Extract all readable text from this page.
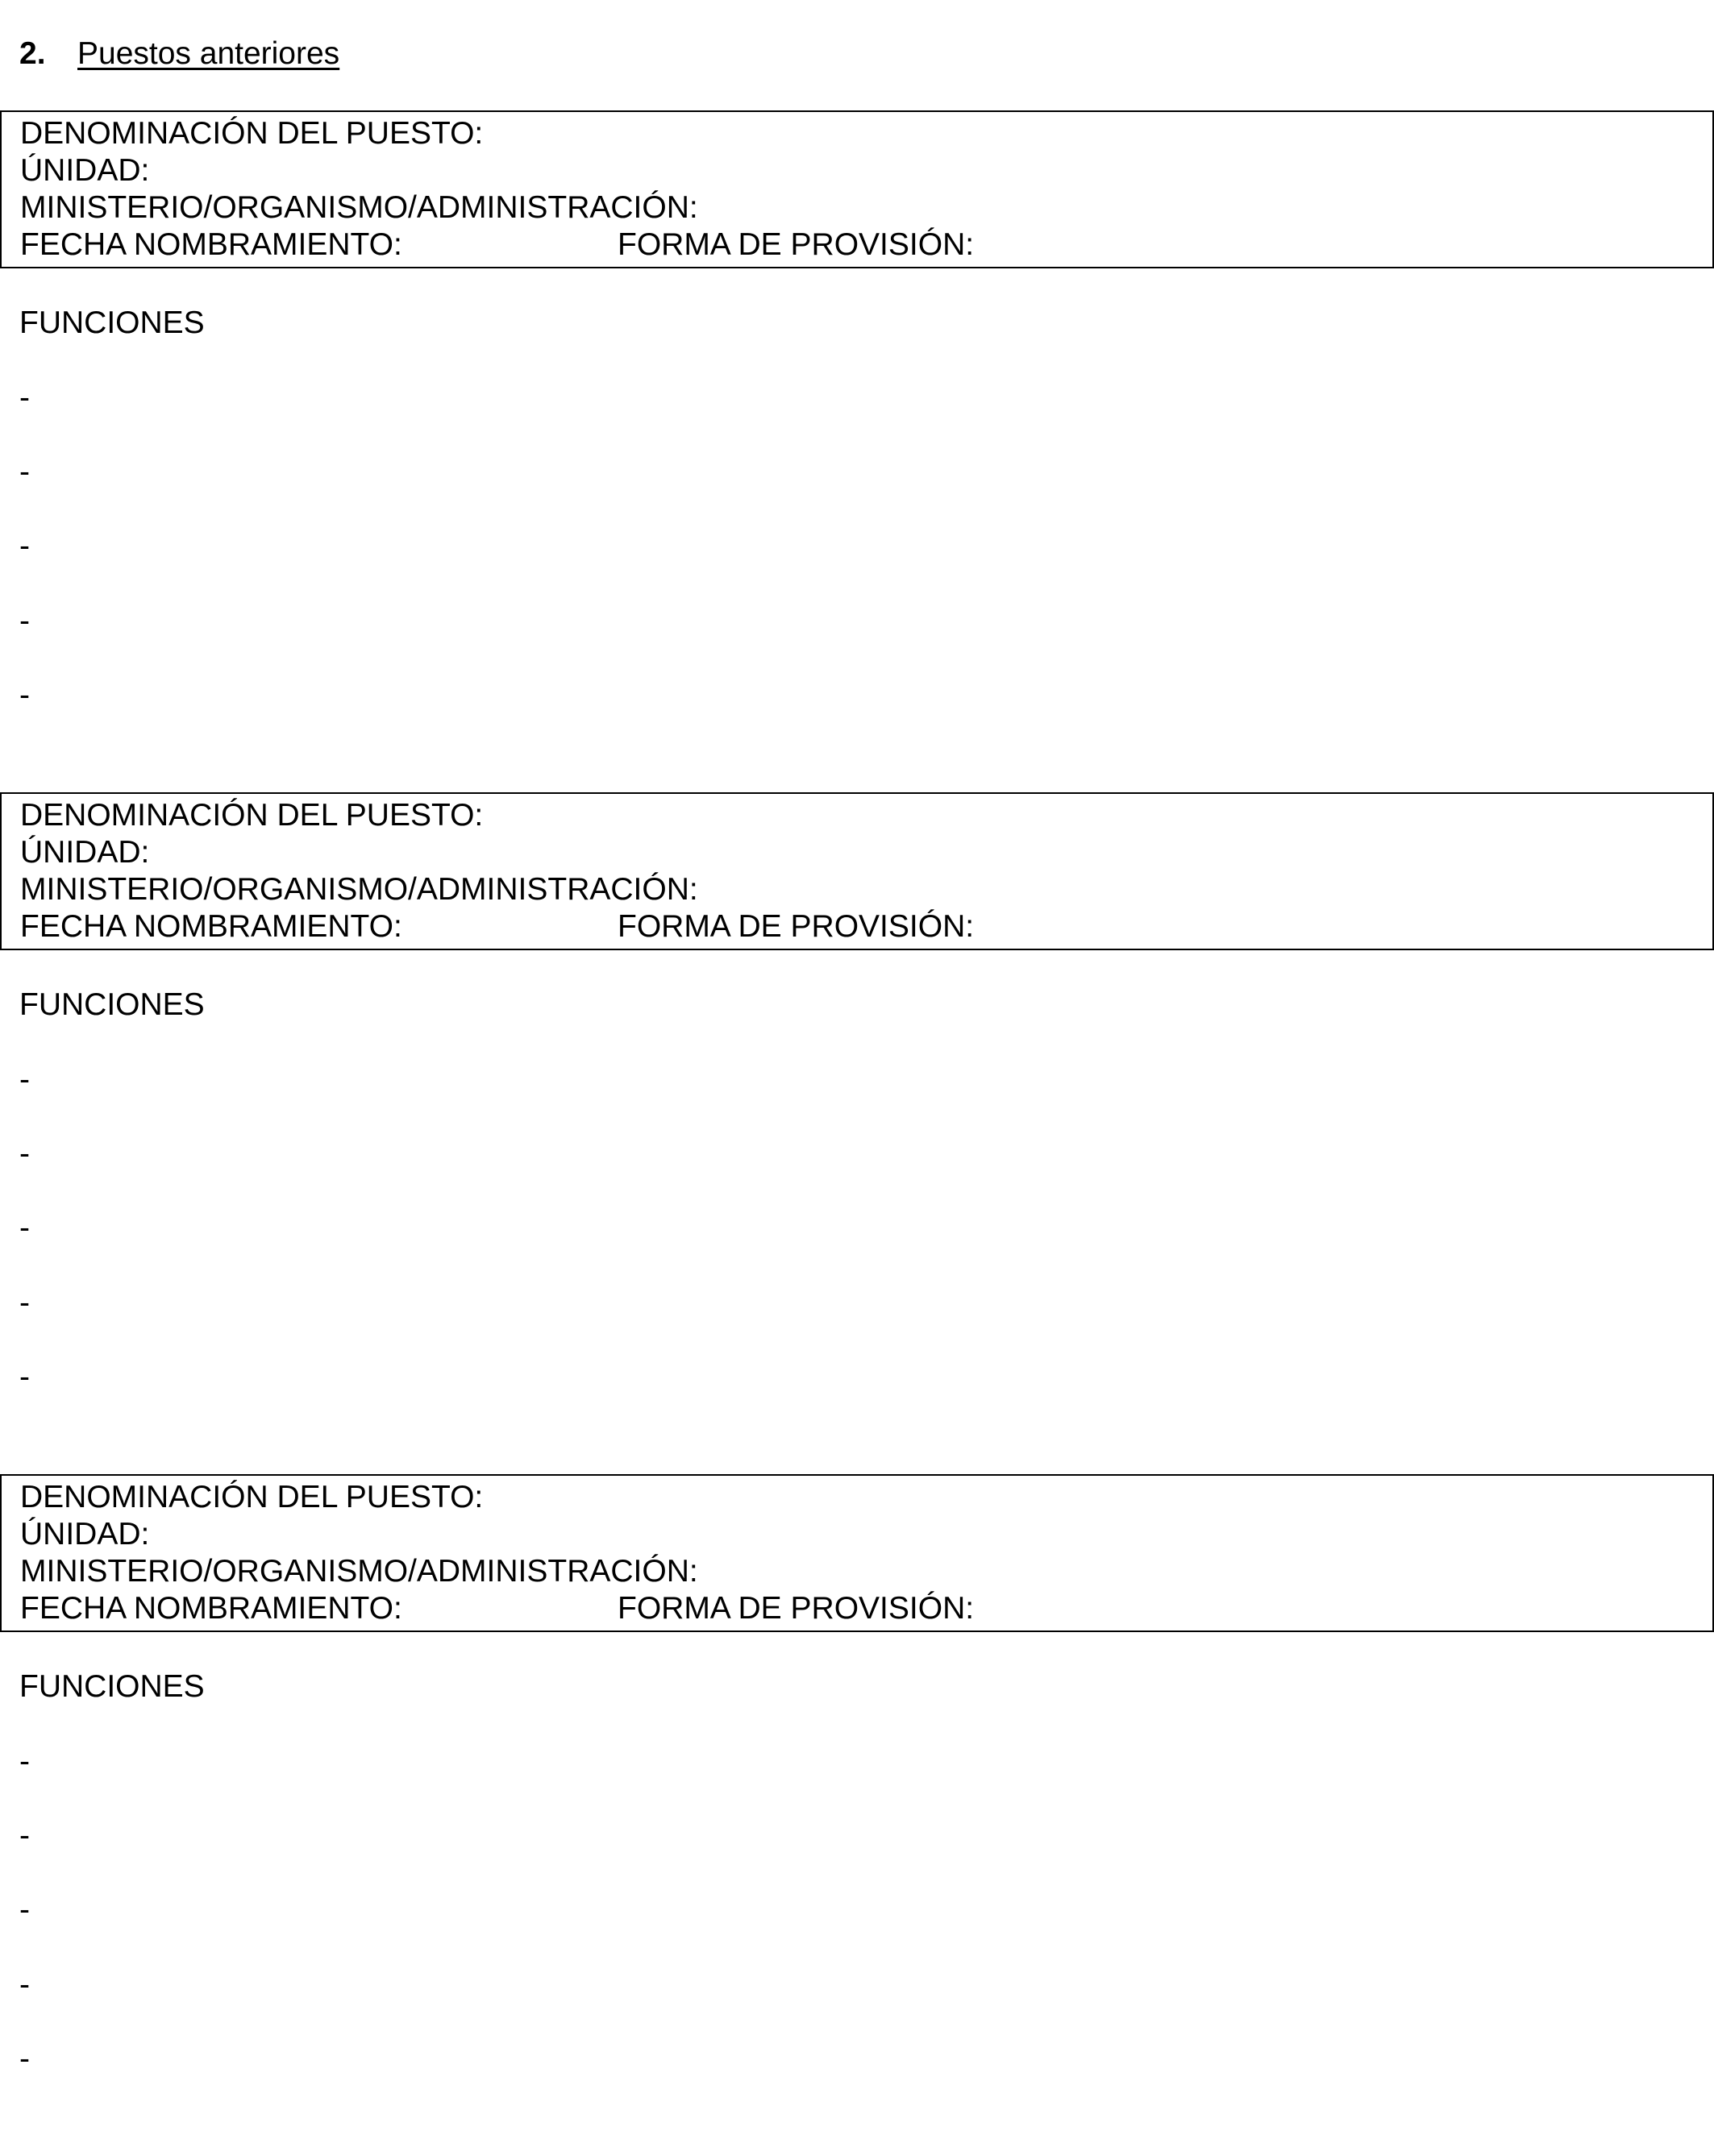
2. Puestos anteriores
DENOMINACIÓN DEL PUESTO:
ÚNIDAD:
MINISTERIO/ORGANISMO/ADMINISTRACIÓN:
FECHA NOMBRAMIENTO:	FORMA DE PROVISIÓN:
FUNCIONES
-
-
-
-
-
DENOMINACIÓN DEL PUESTO:
ÚNIDAD:
MINISTERIO/ORGANISMO/ADMINISTRACIÓN:
FECHA NOMBRAMIENTO:	FORMA DE PROVISIÓN:
FUNCIONES
-
-
-
-
-
DENOMINACIÓN DEL PUESTO:
ÚNIDAD:
MINISTERIO/ORGANISMO/ADMINISTRACIÓN:
FECHA NOMBRAMIENTO:	FORMA DE PROVISIÓN:
FUNCIONES
-
-
-
-
-
